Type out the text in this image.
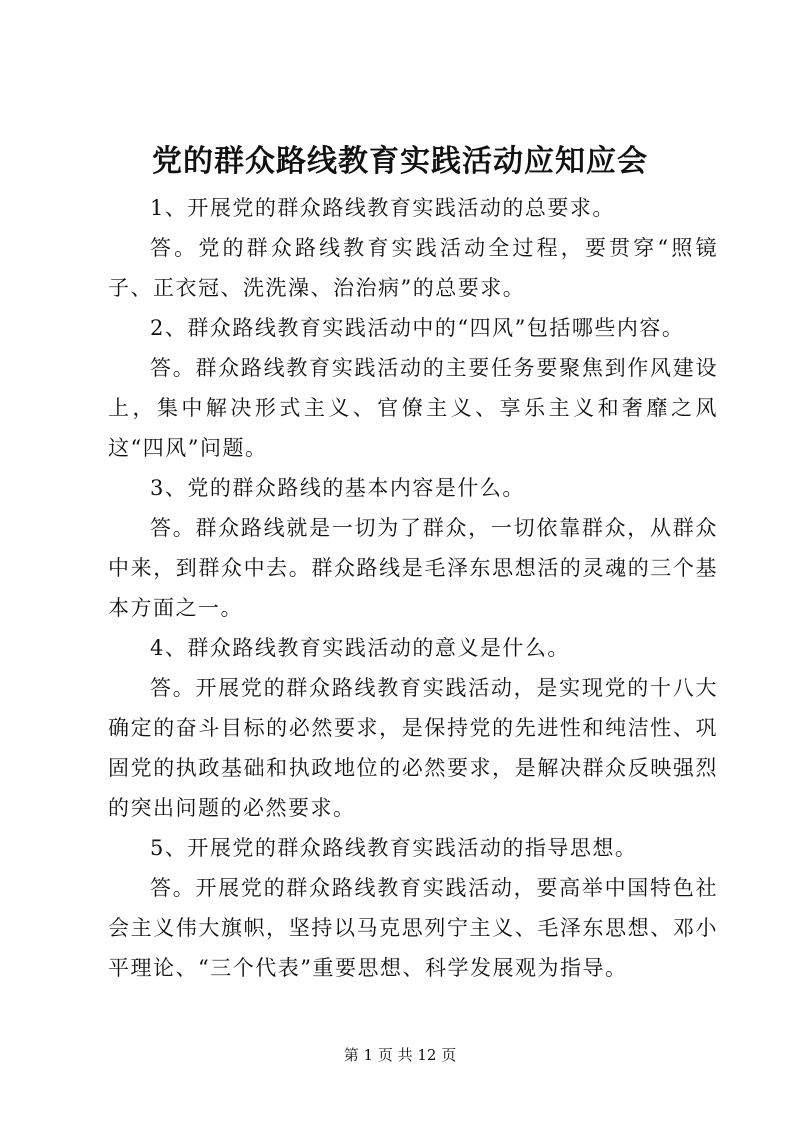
党的群众路线教育实践活动应知应会

1、开展党的群众路线教育实践活动的总要求。

答。党的群众路线教育实践活动全过程，要贯穿“照镜子、正衣冠、洗洗澡、治治病”的总要求。

2、群众路线教育实践活动中的“四风”包括哪些内容。

答。群众路线教育实践活动的主要任务要聚焦到作风建设上，集中解决形式主义、官僚主义、享乐主义和奢靡之风这“四风”问题。

3、党的群众路线的基本内容是什么。

答。群众路线就是一切为了群众，一切依靠群众，从群众中来，到群众中去。群众路线是毛泽东思想活的灵魂的三个基本方面之一。

4、群众路线教育实践活动的意义是什么。

答。开展党的群众路线教育实践活动，是实现党的十八大确定的奋斗目标的必然要求，是保持党的先进性和纯洁性、巩固党的执政基础和执政地位的必然要求，是解决群众反映强烈的突出问题的必然要求。

5、开展党的群众路线教育实践活动的指导思想。

答。开展党的群众路线教育实践活动，要高举中国特色社会主义伟大旗帜，坚持以马克思列宁主义、毛泽东思想、邓小平理论、“三个代表”重要思想、科学发展观为指导。

第 1 页 共 12 页
